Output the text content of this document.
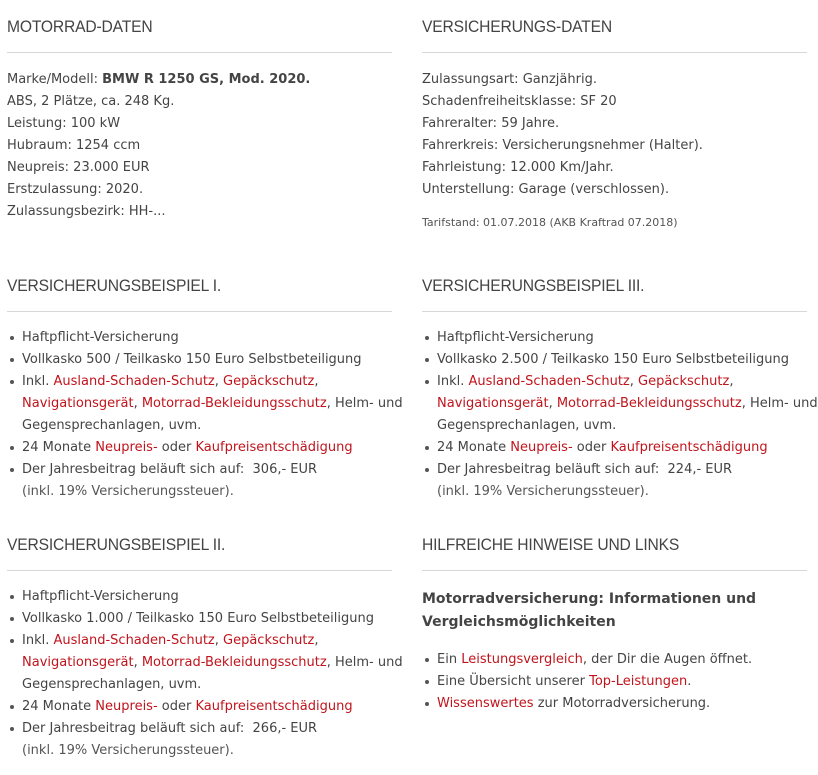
MOTORRAD-DATEN
Marke/Modell: BMW R 1250 GS, Mod. 2020.
ABS, 2 Plätze, ca. 248 Kg.
Leistung: 100 kW
Hubraum: 1254 ccm
Neupreis: 23.000 EUR
Erstzulassung: 2020.
Zulassungsbezirk: HH-...
VERSICHERUNGS-DATEN
Zulassungsart: Ganzjährig.
Schadenfreiheitsklasse: SF 20
Fahreralter: 59 Jahre.
Fahrerkreis: Versicherungsnehmer (Halter).
Fahrleistung: 12.000 Km/Jahr.
Unterstellung: Garage (verschlossen).
Tarifstand: 01.07.2018 (AKB Kraftrad 07.2018)
VERSICHERUNGSBEISPIEL I.
Haftpflicht-Versicherung
Vollkasko 500 / Teilkasko 150 Euro Selbstbeteiligung
Inkl. Ausland-Schaden-Schutz, Gepäckschutz,
Navigationsgerät, Motorrad-Bekleidungsschutz, Helm- und
Gegensprechanlagen, uvm.
24 Monate Neupreis- oder Kaufpreisentschädigung
Der Jahresbeitrag beläuft sich auf: 306,- EUR
(inkl. 19% Versicherungssteuer).
VERSICHERUNGSBEISPIEL III.
Haftpflicht-Versicherung
Vollkasko 2.500 / Teilkasko 150 Euro Selbstbeteiligung
Inkl. Ausland-Schaden-Schutz, Gepäckschutz,
Navigationsgerät, Motorrad-Bekleidungsschutz, Helm- und
Gegensprechanlagen, uvm.
24 Monate Neupreis- oder Kaufpreisentschädigung
Der Jahresbeitrag beläuft sich auf: 224,- EUR
(inkl. 19% Versicherungssteuer).
VERSICHERUNGSBEISPIEL II.
Haftpflicht-Versicherung
Vollkasko 1.000 / Teilkasko 150 Euro Selbstbeteiligung
Inkl. Ausland-Schaden-Schutz, Gepäckschutz,
Navigationsgerät, Motorrad-Bekleidungsschutz, Helm- und
Gegensprechanlagen, uvm.
24 Monate Neupreis- oder Kaufpreisentschädigung
Der Jahresbeitrag beläuft sich auf: 266,- EUR
(inkl. 19% Versicherungssteuer).
HILFREICHE HINWEISE UND LINKS
Motorradversicherung: Informationen und
Vergleichsmöglichkeiten
Ein Leistungsvergleich, der Dir die Augen öffnet.
Eine Übersicht unserer Top-Leistungen.
Wissenswertes zur Motorradversicherung.
